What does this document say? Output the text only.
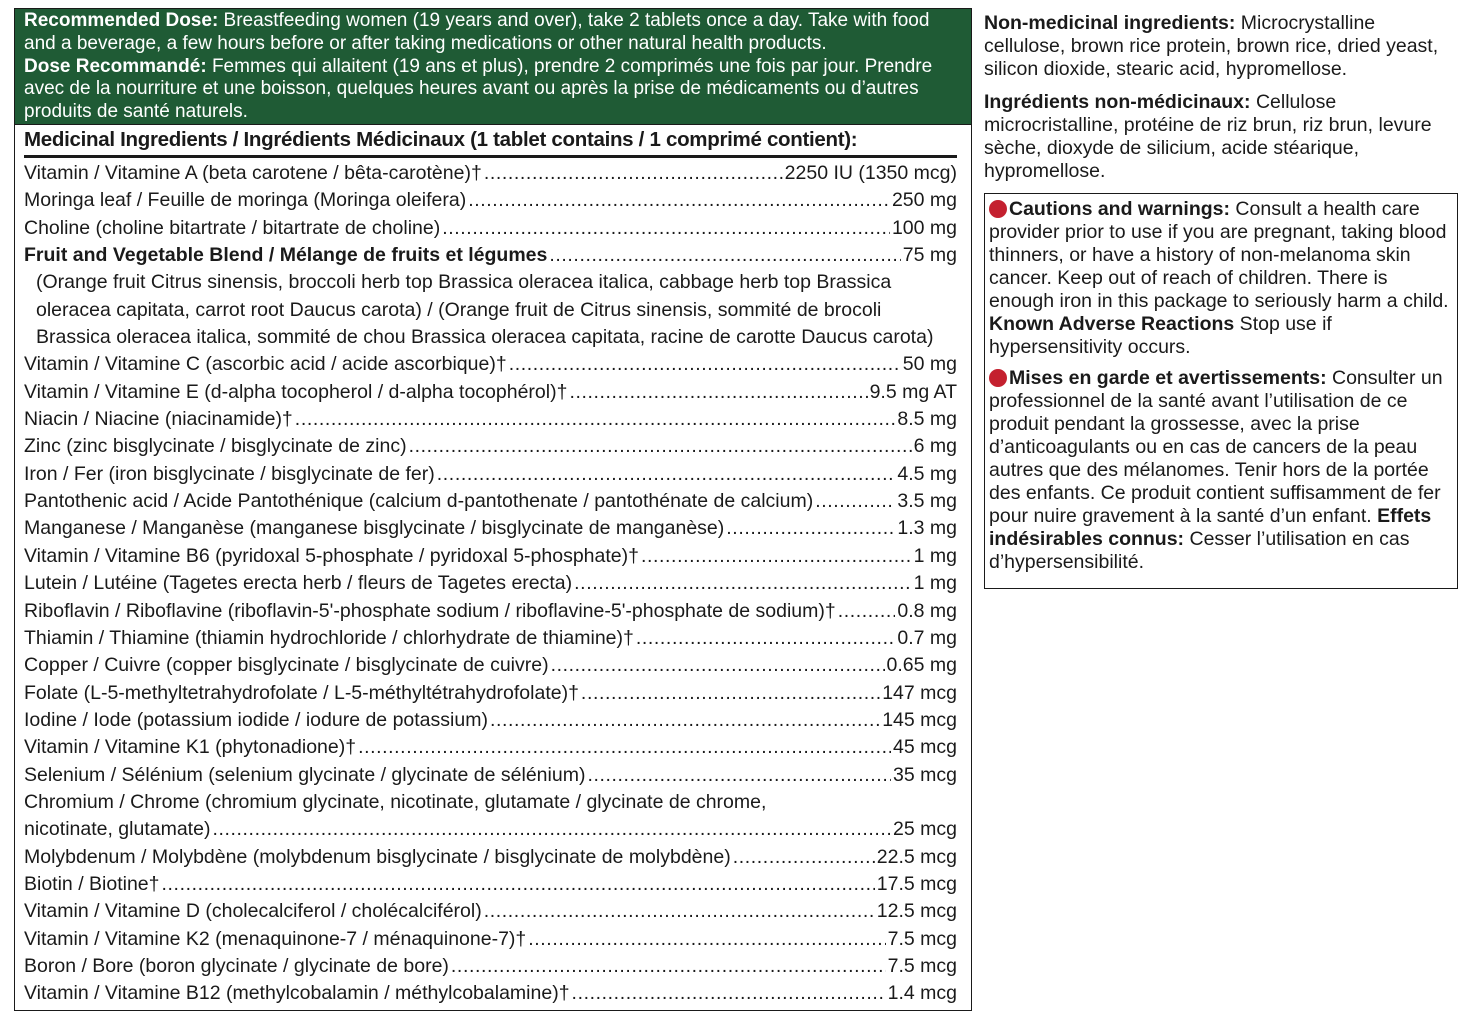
Recommended Dose: Breastfeeding women (19 years and over), take 2 tablets once a day. Take with food and a beverage, a few hours before or after taking medications or other natural health products.
Dose Recommandé: Femmes qui allaitent (19 ans et plus), prendre 2 comprimés une fois par jour. Prendre avec de la nourriture et une boisson, quelques heures avant ou après la prise de médicaments ou d’autres produits de santé naturels.
Medicinal Ingredients / Ingrédients Médicinaux (1 tablet contains / 1 comprimé contient):
Vitamin / Vitamine A (beta carotene / bêta-carotène)† .....	2250 IU (1350 mcg)
Moringa leaf / Feuille de moringa (Moringa oleifera) .....	250 mg
Choline (choline bitartrate / bitartrate de choline) .....	100 mg
Fruit and Vegetable Blend / Mélange de fruits et légumes .....	75 mg
(Orange fruit Citrus sinensis, broccoli herb top Brassica oleracea italica, cabbage herb top Brassica
oleracea capitata, carrot root Daucus carota) / (Orange fruit de Citrus sinensis, sommité de brocoli
Brassica oleracea italica, sommité de chou Brassica oleracea capitata, racine de carotte Daucus carota)
Vitamin / Vitamine C (ascorbic acid / acide ascorbique)† .....	50 mg
Vitamin / Vitamine E (d-alpha tocopherol / d-alpha tocophérol)† .....	9.5 mg AT
Niacin / Niacine (niacinamide)† .....	8.5 mg
Zinc (zinc bisglycinate / bisglycinate de zinc) .....	6 mg
Iron / Fer (iron bisglycinate / bisglycinate de fer) .....	4.5 mg
Pantothenic acid / Acide Pantothénique (calcium d-pantothenate / pantothénate de calcium) .....	3.5 mg
Manganese / Manganèse (manganese bisglycinate / bisglycinate de manganèse) .....	1.3 mg
Vitamin / Vitamine B6 (pyridoxal 5-phosphate / pyridoxal 5-phosphate)† .....	1 mg
Lutein / Lutéine (Tagetes erecta herb / fleurs de Tagetes erecta) .....	1 mg
Riboflavin / Riboflavine (riboflavin-5'-phosphate sodium / riboflavine-5'-phosphate de sodium)† .....	0.8 mg
Thiamin / Thiamine (thiamin hydrochloride / chlorhydrate de thiamine)† .....	0.7 mg
Copper / Cuivre (copper bisglycinate / bisglycinate de cuivre) .....	0.65 mg
Folate (L-5-methyltetrahydrofolate / L-5-méthyltétrahydrofolate)† .....	147 mcg
Iodine / Iode (potassium iodide / iodure de potassium) .....	145 mcg
Vitamin / Vitamine K1 (phytonadione)† .....	45 mcg
Selenium / Sélénium (selenium glycinate / glycinate de sélénium) .....	35 mcg
Chromium / Chrome (chromium glycinate, nicotinate, glutamate / glycinate de chrome,
nicotinate, glutamate) .....	25 mcg
Molybdenum / Molybdène (molybdenum bisglycinate / bisglycinate de molybdène) .....	22.5 mcg
Biotin / Biotine† .....	17.5 mcg
Vitamin / Vitamine D (cholecalciferol / cholécalciférol) .....	12.5 mcg
Vitamin / Vitamine K2 (menaquinone-7 / ménaquinone-7)† .....	7.5 mcg
Boron / Bore (boron glycinate / glycinate de bore) .....	7.5 mcg
Vitamin / Vitamine B12 (methylcobalamin / méthylcobalamine)† .....	1.4 mcg

Non-medicinal ingredients: Microcrystalline cellulose, brown rice protein, brown rice, dried yeast, silicon dioxide, stearic acid, hypromellose.

Ingrédients non-médicinaux: Cellulose microcristalline, protéine de riz brun, riz brun, levure sèche, dioxyde de silicium, acide stéarique, hypromellose.

Cautions and warnings: Consult a health care provider prior to use if you are pregnant, taking blood thinners, or have a history of non-melanoma skin cancer. Keep out of reach of children. There is enough iron in this package to seriously harm a child. Known Adverse Reactions Stop use if hypersensitivity occurs.

Mises en garde et avertissements: Consulter un professionnel de la santé avant l’utilisation de ce produit pendant la grossesse, avec la prise d’anticoagulants ou en cas de cancers de la peau autres que des mélanomes. Tenir hors de la portée des enfants. Ce produit contient suffisamment de fer pour nuire gravement à la santé d’un enfant. Effets indésirables connus: Cesser l’utilisation en cas d’hypersensibilité.
